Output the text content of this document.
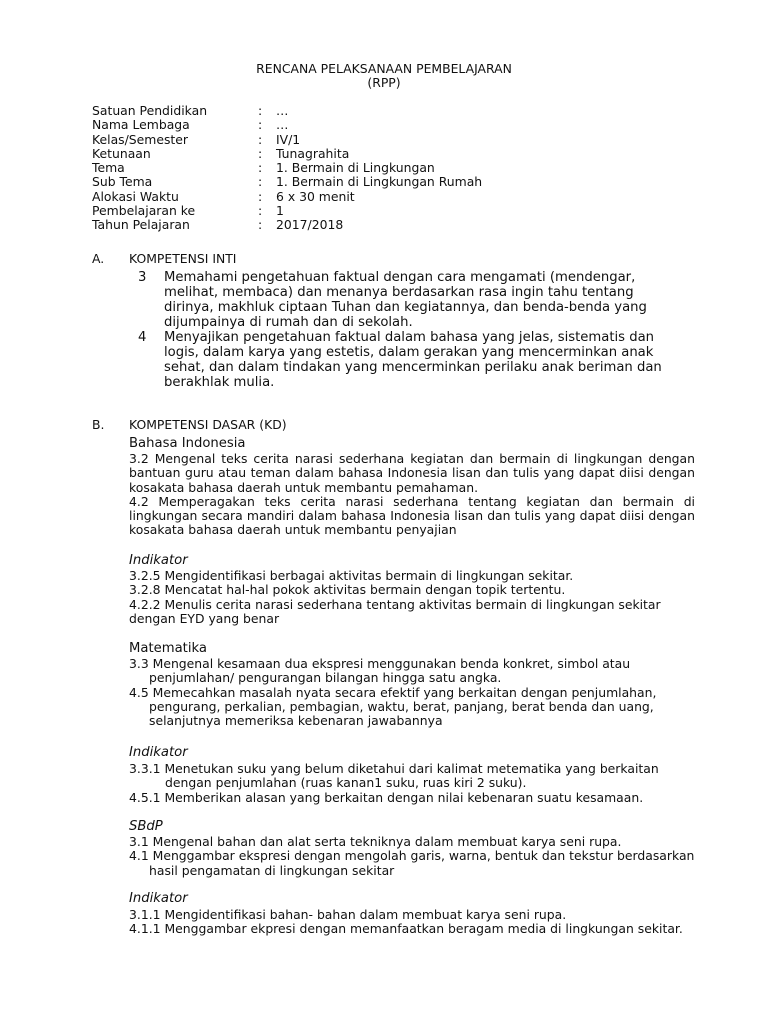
RENCANA PELAKSANAAN PEMBELAJARAN
(RPP)
Satuan Pendidikan	: …
Nama Lembaga	: …
Kelas/Semester	: IV/1
Ketunaan	: Tunagrahita
Tema	: 1. Bermain di Lingkungan
Sub Tema	: 1. Bermain di Lingkungan Rumah
Alokasi Waktu	: 6 x 30 menit
Pembelajaran ke	: 1
Tahun Pelajaran	: 2017/2018
A. KOMPETENSI INTI
3 Memahami pengetahuan faktual dengan cara mengamati (mendengar, melihat, membaca) dan menanya berdasarkan rasa ingin tahu tentang dirinya, makhluk ciptaan Tuhan dan kegiatannya, dan benda-benda yang dijumpainya di rumah dan di sekolah.
4 Menyajikan pengetahuan faktual dalam bahasa yang jelas, sistematis dan logis, dalam karya yang estetis, dalam gerakan yang mencerminkan anak sehat, dan dalam tindakan yang mencerminkan perilaku anak beriman dan berakhlak mulia.
B. KOMPETENSI DASAR (KD)
Bahasa Indonesia

3.2 Mengenal teks cerita narasi sederhana kegiatan dan bermain di lingkungan dengan bantuan guru atau teman dalam bahasa Indonesia lisan dan tulis yang dapat diisi dengan kosakata bahasa daerah untuk membantu pemahaman.

4.2 Memperagakan teks cerita narasi sederhana tentang kegiatan dan bermain di lingkungan secara mandiri dalam bahasa Indonesia lisan dan tulis yang dapat diisi dengan kosakata bahasa daerah untuk membantu penyajian

Indikator

3.2.5 Mengidentifikasi berbagai aktivitas bermain di lingkungan sekitar.

3.2.8 Mencatat hal-hal pokok aktivitas bermain dengan topik tertentu.

4.2.2 Menulis cerita narasi sederhana tentang aktivitas bermain di lingkungan sekitar dengan EYD yang benar

Matematika

3.3 Mengenal kesamaan dua ekspresi menggunakan benda konkret, simbol atau penjumlahan/ pengurangan bilangan hingga satu angka.

4.5 Memecahkan masalah nyata secara efektif yang berkaitan dengan penjumlahan, pengurang, perkalian, pembagian, waktu, berat, panjang, berat benda dan uang, selanjutnya memeriksa kebenaran jawabannya

Indikator

3.3.1 Menetukan suku yang belum diketahui dari kalimat metematika yang berkaitan dengan penjumlahan (ruas kanan1 suku, ruas kiri 2 suku).

4.5.1 Memberikan alasan yang berkaitan dengan nilai kebenaran suatu kesamaan.

SBdP

3.1 Mengenal bahan dan alat serta tekniknya dalam membuat karya seni rupa.

4.1 Menggambar ekspresi dengan mengolah garis, warna, bentuk dan tekstur berdasarkan hasil pengamatan di lingkungan sekitar

Indikator

3.1.1 Mengidentifikasi bahan- bahan dalam membuat karya seni rupa.

4.1.1 Menggambar ekpresi dengan memanfaatkan beragam media di lingkungan sekitar.
